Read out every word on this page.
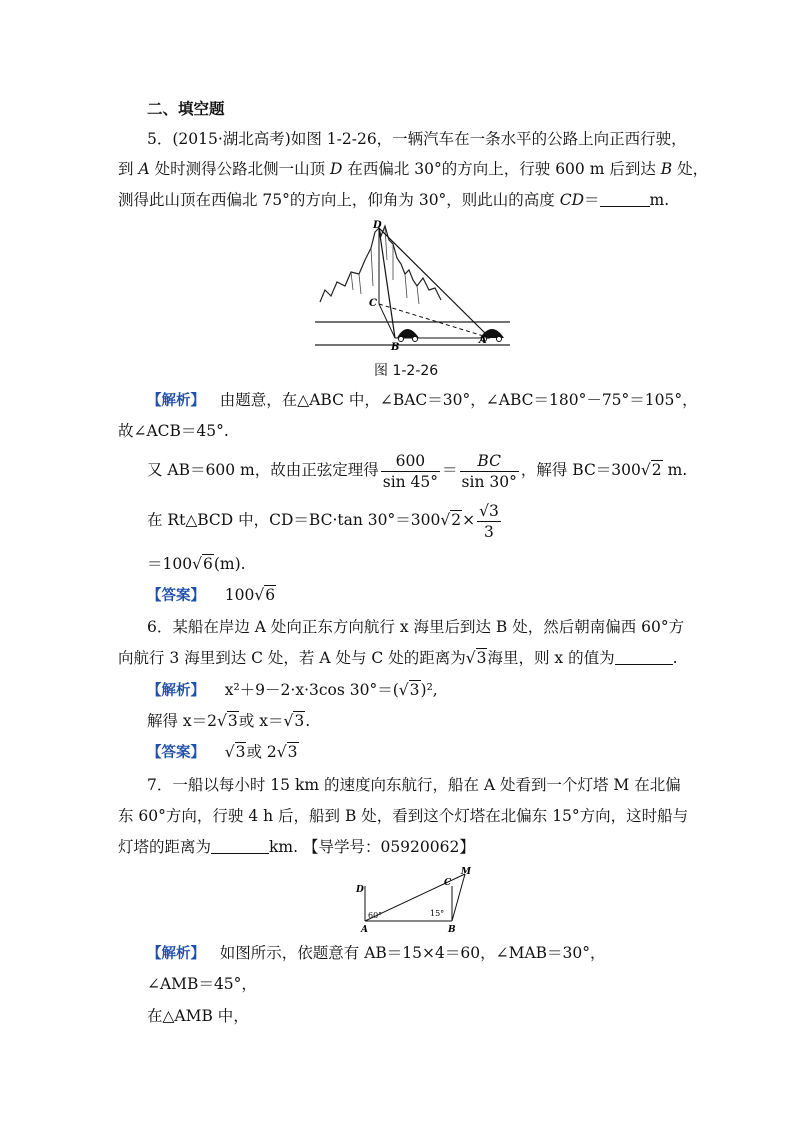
二、填空题
5．(2015·湖北高考)如图 1-2-26，一辆汽车在一条水平的公路上向正西行驶，
到 A 处时测得公路北侧一山顶 D 在西偏北 30°的方向上，行驶 600 m 后到达 B 处，
测得此山顶在西偏北 75°的方向上，仰角为 30°，则此山的高度 CD＝	m.
D
C
B
A
图 1-2-26
【解析】 由题意，在△ABC 中，∠BAC＝30°，∠ABC＝180°－75°＝105°，
故∠ACB＝45°.
又 AB＝600 m，故由正弦定理得 $\frac{600}{\sin 45^\circ} = \frac{BC}{\sin 30^\circ}$ ，解得 BC＝300√2 m.
在 Rt△BCD 中，CD＝BC·tan $30^\circ=300√2\times \frac{√3}{3}$
＝100√6(m).
【答案】 100√6
6．某船在岸边 A 处向正东方向航行 x 海里后到达 B 处，然后朝南偏西 60°方
向航行 3 海里到达 C 处，若 A 处与 C 处的距离为√3海里，则 x 的值为	.
【解析】 x²＋9－2·x·3cos 30°＝(√3)²,
解得 x＝2√3或 x＝√3.
【答案】 √3或 2√3
7．一船以每小时 15 km 的速度向东航行，船在 A 处看到一个灯塔 M 在北偏
东 60°方向，行驶 4 h 后，船到 B 处，看到这个灯塔在北偏东 15°方向，这时船与
灯塔的距离为	km. 【导学号：05920062】
D
C
M
A	B
60°	15°
【解析】 如图所示，依题意有 AB＝15×4＝60，∠MAB＝30°，
∠AMB＝45°，
在△AMB 中，
